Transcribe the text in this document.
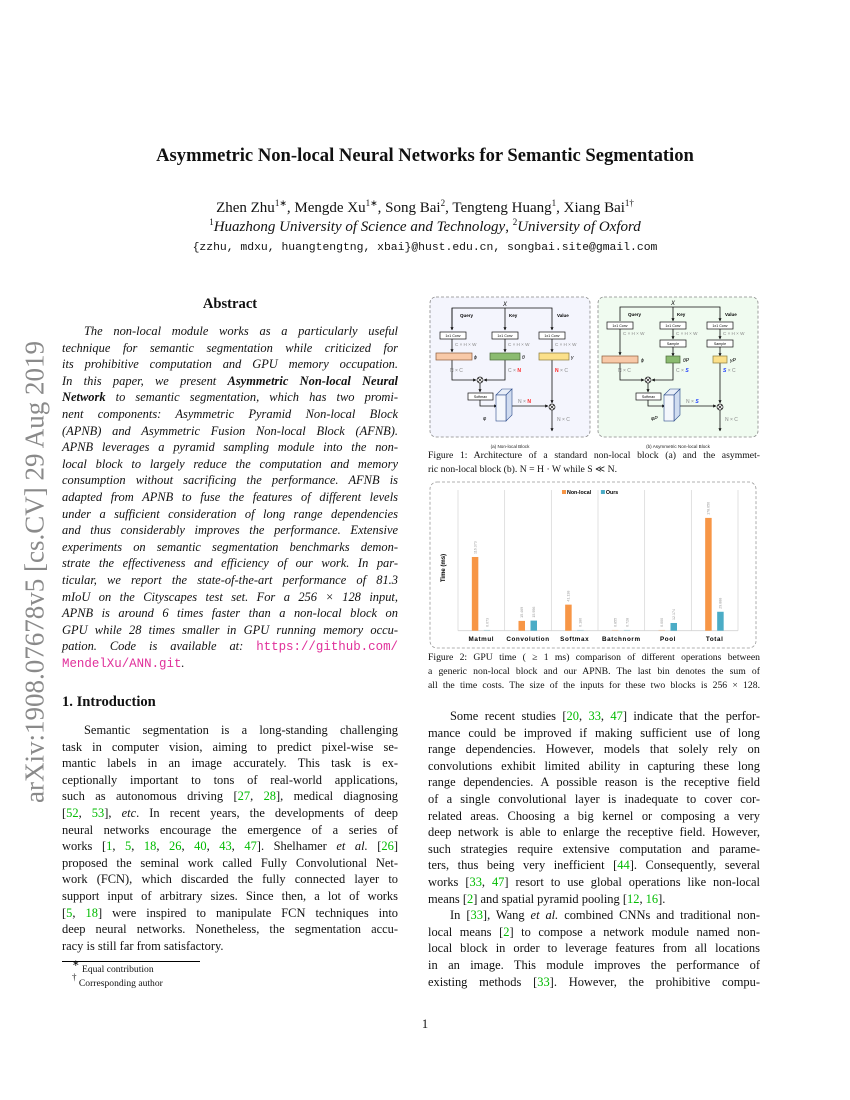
arXiv:1908.07678v5 [cs.CV] 29 Aug 2019
Asymmetric Non-local Neural Networks for Semantic Segmentation
Zhen Zhu$^{1∗}$, Mengde $Xu^{1∗}$, Song Bai$^2$, Tengteng Huang$^1$, Xiang Bai$^{1\dagger}$
$^1$Huazhong University of Science and Technology, $^2$University of Oxford
{zzhu, mdxu, huangtengtng, xbai}@hust.edu.cn, songbai.site@gmail.com
Abstract
The non-local module works as a particularly useful
technique for semantic segmentation while criticized for
its prohibitive computation and GPU memory occupation.
In this paper, we present Asymmetric Non-local Neural
Network to semantic segmentation, which has two promi-
nent components: Asymmetric Pyramid Non-local Block
(APNB) and Asymmetric Fusion Non-local Block (AFNB).
APNB leverages a pyramid sampling module into the non-
local block to largely reduce the computation and memory
consumption without sacrificing the performance. AFNB is
adapted from APNB to fuse the features of different levels
under a sufficient consideration of long range dependencies
and thus considerably improves the performance. Extensive
experiments on semantic segmentation benchmarks demon-
strate the effectiveness and efficiency of our work. In par-
ticular, we report the state-of-the-art performance of 81.3
mIoU on the Cityscapes test set. For a 256 × 128 input,
APNB is around 6 times faster than a non-local block on
GPU while 28 times smaller in GPU running memory occu-
pation. Code is available at: https://github.com/
MendelXu/ANN.git.
1. Introduction
Semantic segmentation is a long-standing challenging
task in computer vision, aiming to predict pixel-wise se-
mantic labels in an image accurately. This task is ex-
ceptionally important to tons of real-world applications,
such as autonomous driving [27, 28], medical diagnosing
[52, 53], etc. In recent years, the developments of deep
neural networks encourage the emergence of a series of
works [1, 5, 18, 26, 40, 43, 47]. Shelhamer et al. [26]
proposed the seminal work called Fully Convolutional Net-
work (FCN), which discarded the fully connected layer to
support input of arbitrary sizes. Since then, a lot of works
[5, 18] were inspired to manipulate FCN techniques into
deep neural networks. Nonetheless, the segmentation accu-
racy is still far from satisfactory.
∗ Equal contribution
† Corresponding author
X
Query	Key	Value
1x1 Conv	1x1 Conv	1x1 Conv
C × H × W	C × H × W	C × H × W
ϕ	θ	γ
N × C	C × N	N × C
N × N
N × C
Softmax
φ
(a) Non-local Block
X
Query	Key	Value
1x1 Conv	1x1 Conv	1x1 Conv
Sample	Sample
C × H × W	C × H × W	C × H × W
ϕ	θP	γP
N × C	C × S	S × C
N × S
N × C
Softmax
φP
(b) Asymmetric Non-local Block
Figure 1: Architecture of a standard non-local block (a) and the asymmet-
ric non-local block (b). N = H · W while S ≪ N.
Non-local	Ours
Time (ms)
116.373
0.073
Matmul
15.469 15.956
Convolution
41.138
0.180
Softmax
0.855 0.728
Batchnorm
0.000
12.174
Pool
178.056
29.888
Total
Figure 2: GPU time ( ≥ 1 ms) comparison of different operations between
a generic non-local block and our APNB. The last bin denotes the sum of
all the time costs. The size of the inputs for these two blocks is 256 × 128.
Some recent studies [20, 33, 47] indicate that the perfor-
mance could be improved if making sufficient use of long
range dependencies. However, models that solely rely on
convolutions exhibit limited ability in capturing these long
range dependencies. A possible reason is the receptive field
of a single convolutional layer is inadequate to cover cor-
related areas. Choosing a big kernel or composing a very
deep network is able to enlarge the receptive field. However,
such strategies require extensive computation and parame-
ters, thus being very inefficient [44]. Consequently, several
works [33, 47] resort to use global operations like non-local
means [2] and spatial pyramid pooling [12, 16].
In [33], Wang et al. combined CNNs and traditional non-
local means [2] to compose a network module named non-
local block in order to leverage features from all locations
in an image. This module improves the performance of
existing methods [33]. However, the prohibitive compu-
1
